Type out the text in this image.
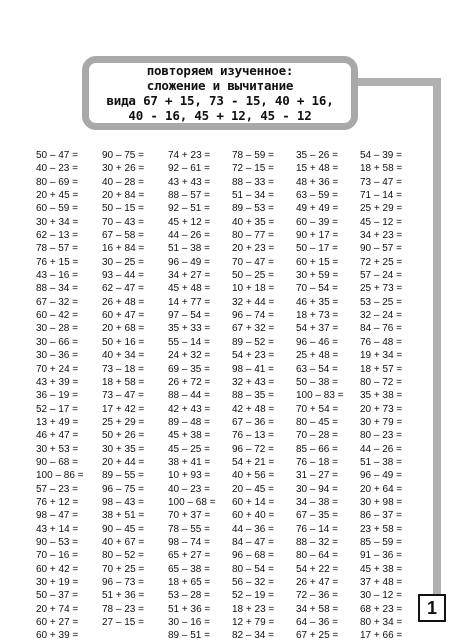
повторяем изученное:
сложение и вычитание
вида 67 + 15, 73 - 15, 40 + 16,
40 - 16, 45 + 12, 45 - 12
50 – 47 =
40 – 23 =
80 – 69 =
20 + 45 =
60 – 59 =
30 + 34 =
62 – 13 =
78 – 57 =
76 + 15 =
43 – 16 =
88 – 34 =
67 – 32 =
60 – 42 =
30 – 28 =
30 – 66 =
30 – 36 =
70 + 24 =
43 + 39 =
36 – 19 =
52 – 17 =
13 + 49 =
46 + 47 =
30 + 53 =
90 – 68 =
100 – 86 =
57 – 23 =
76 + 12 =
98 – 47 =
43 + 14 =
90 – 53 =
70 – 16 =
60 + 42 =
30 + 19 =
50 – 37 =
20 + 74 =
60 + 27 =
60 + 39 =
90 – 75 =
30 + 26 =
40 – 28 =
20 + 84 =
50 – 15 =
70 – 43 =
67 – 58 =
16 + 84 =
30 – 25 =
93 – 44 =
62 – 47 =
26 + 48 =
60 + 47 =
20 + 68 =
50 + 16 =
40 + 34 =
73 – 18 =
18 + 58 =
73 – 47 =
17 + 42 =
25 + 29 =
50 + 26 =
30 + 35 =
20 + 44 =
89 – 55 =
96 – 75 =
98 – 43 =
38 + 51 =
90 – 45 =
40 + 67 =
80 – 52 =
70 + 25 =
96 – 73 =
51 + 36 =
78 – 23 =
27 – 15 =
74 + 23 =
92 – 61 =
43 + 43 =
88 – 57 =
92 – 51 =
45 + 12 =
44 – 26 =
51 – 38 =
96 – 49 =
34 + 27 =
45 + 48 =
14 + 77 =
97 – 54 =
35 + 33 =
55 – 14 =
24 + 32 =
69 – 35 =
26 + 72 =
88 – 44 =
42 + 43 =
89 – 48 =
45 + 38 =
45 – 25 =
38 + 41 =
10 + 93 =
40 – 23 =
100 – 68 =
70 + 37 =
78 – 55 =
98 – 74 =
65 + 27 =
65 – 38 =
18 + 65 =
53 – 28 =
51 + 36 =
30 – 16 =
89 – 51 =
78 – 59 =
72 – 15 =
88 – 33 =
51 – 34 =
89 – 53 =
40 + 35 =
80 – 77 =
20 + 23 =
70 – 47 =
50 – 25 =
10 + 18 =
32 + 44 =
96 – 74 =
67 + 32 =
89 – 52 =
54 + 23 =
98 – 41 =
32 + 43 =
88 – 35 =
42 + 48 =
67 – 36 =
76 – 13 =
96 – 72 =
54 + 21 =
40 + 56 =
20 – 45 =
60 + 14 =
60 + 40 =
44 – 36 =
84 – 47 =
96 – 68 =
80 – 54 =
56 – 32 =
52 – 19 =
18 + 23 =
12 + 79 =
82 – 34 =
35 – 26 =
15 + 48 =
48 + 36 =
63 – 59 =
49 + 49 =
60 – 39 =
90 + 17 =
50 – 17 =
60 + 15 =
30 + 59 =
70 – 54 =
46 + 35 =
18 + 73 =
54 + 37 =
96 – 46 =
25 + 48 =
63 – 54 =
50 – 38 =
100 – 83 =
70 + 54 =
80 – 45 =
70 – 28 =
85 – 66 =
76 – 18 =
31 – 27 =
30 – 94 =
34 – 38 =
67 – 35 =
76 – 14 =
88 – 32 =
80 – 64 =
54 + 22 =
26 + 47 =
72 – 36 =
34 + 58 =
64 – 36 =
67 + 25 =
54 – 39 =
18 + 58 =
73 – 47 =
71 – 14 =
25 + 29 =
45 – 12 =
34 + 23 =
90 – 57 =
72 + 25 =
57 – 24 =
25 + 73 =
53 – 25 =
32 – 24 =
84 – 76 =
76 – 48 =
19 + 34 =
18 + 57 =
80 – 72 =
35 + 38 =
20 + 73 =
30 + 79 =
80 – 23 =
44 – 26 =
51 – 38 =
96 – 49 =
20 + 64 =
30 + 98 =
86 – 37 =
23 + 58 =
85 – 59 =
91 – 36 =
45 + 38 =
37 + 48 =
30 – 12 =
68 + 23 =
80 + 34 =
17 + 66 =
1
